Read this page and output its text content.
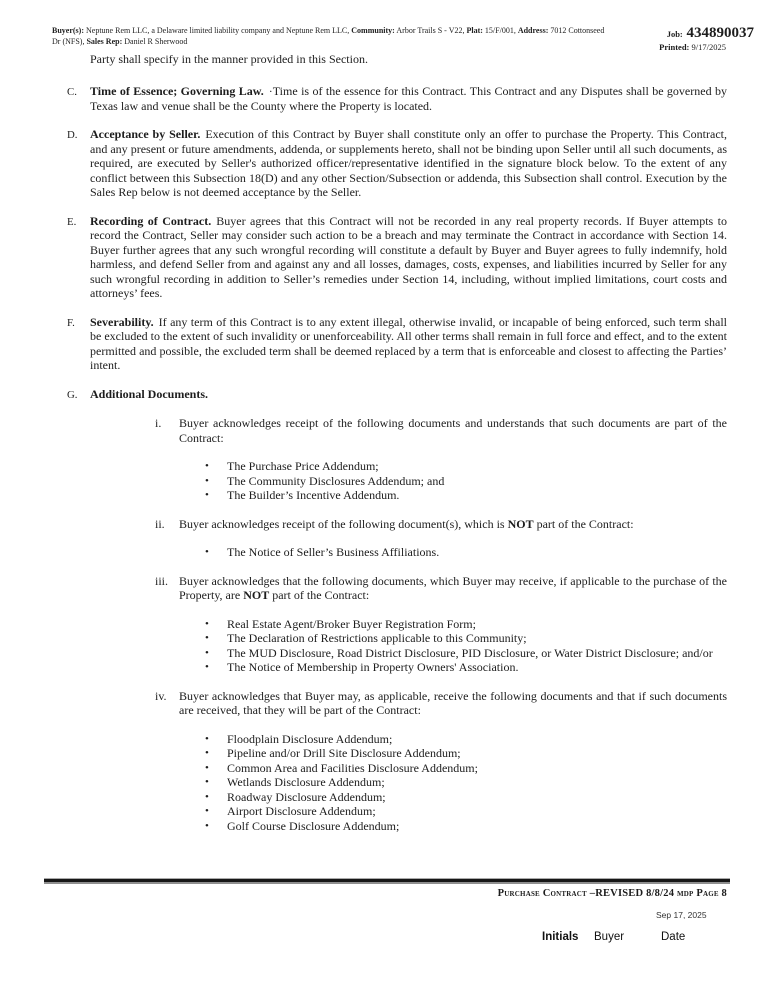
Buyer(s): Neptune Rem LLC, a Delaware limited liability company and Neptune Rem LLC, Community: Arbor Trails S - V22, Plat: 15/F/001, Address: 7012 Cottonseed Dr (NFS), Sales Rep: Daniel R Sherwood
Job: 434890037
Printed: 9/17/2025
Party shall specify in the manner provided in this Section.
C.	Time of Essence; Governing Law. ·Time is of the essence for this Contract. This Contract and any Disputes shall be governed by Texas law and venue shall be the County where the Property is located.
D.	Acceptance by Seller. Execution of this Contract by Buyer shall constitute only an offer to purchase the Property. This Contract, and any present or future amendments, addenda, or supplements hereto, shall not be binding upon Seller until all such documents, as required, are executed by Seller's authorized officer/representative identified in the signature block below. To the extent of any conflict between this Subsection 18(D) and any other Section/Subsection or addenda, this Subsection shall control. Execution by the Sales Rep below is not deemed acceptance by the Seller.
E.	Recording of Contract. Buyer agrees that this Contract will not be recorded in any real property records. If Buyer attempts to record the Contract, Seller may consider such action to be a breach and may terminate the Contract in accordance with Section 14. Buyer further agrees that any such wrongful recording will constitute a default by Buyer and Buyer agrees to fully indemnify, hold harmless, and defend Seller from and against any and all losses, damages, costs, expenses, and liabilities incurred by Seller for any such wrongful recording in addition to Seller’s remedies under Section 14, including, without implied limitations, court costs and attorneys’ fees.
F.	Severability. If any term of this Contract is to any extent illegal, otherwise invalid, or incapable of being enforced, such term shall be excluded to the extent of such invalidity or unenforceability. All other terms shall remain in full force and effect, and to the extent permitted and possible, the excluded term shall be deemed replaced by a term that is enforceable and closest to affecting the Parties’ intent.
G.	Additional Documents.
i.	Buyer acknowledges receipt of the following documents and understands that such documents are part of the Contract:
•	The Purchase Price Addendum;
•	The Community Disclosures Addendum; and
•	The Builder’s Incentive Addendum.
ii.	Buyer acknowledges receipt of the following document(s), which is NOT part of the Contract:
•	The Notice of Seller’s Business Affiliations.
iii. Buyer acknowledges that the following documents, which Buyer may receive, if applicable to the purchase of the Property, are NOT part of the Contract:
•	Real Estate Agent/Broker Buyer Registration Form;
•	The Declaration of Restrictions applicable to this Community;
•	The MUD Disclosure, Road District Disclosure, PID Disclosure, or Water District Disclosure; and/or
•	The Notice of Membership in Property Owners' Association.
iv.	Buyer acknowledges that Buyer may, as applicable, receive the following documents and that if such documents are received, that they will be part of the Contract:
•	Floodplain Disclosure Addendum;
•	Pipeline and/or Drill Site Disclosure Addendum;
•	Common Area and Facilities Disclosure Addendum;
•	Wetlands Disclosure Addendum;
•	Roadway Disclosure Addendum;
•	Airport Disclosure Addendum;
•	Golf Course Disclosure Addendum;
Purchase Contract –REVISED 8/8/24 mdp Page 8
Sep 17, 2025
Initials Buyer	Date
